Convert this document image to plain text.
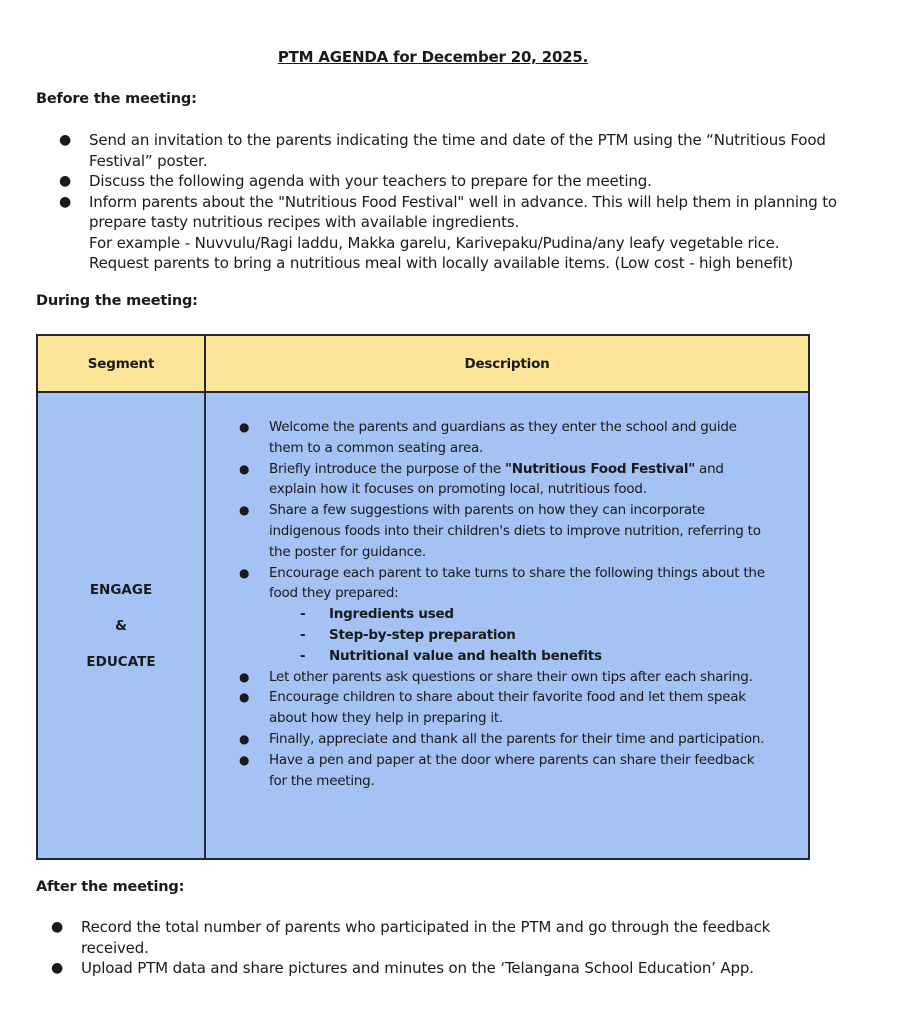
PTM AGENDA for December 20, 2025.
Before the meeting:
● Send an invitation to the parents indicating the time and date of the PTM using the “Nutritious Food Festival” poster.
● Discuss the following agenda with your teachers to prepare for the meeting.
● Inform parents about the "Nutritious Food Festival" well in advance. This will help them in planning to prepare tasty nutritious recipes with available ingredients.
For example - Nuvvulu/Ragi laddu, Makka garelu, Karivepaku/Pudina/any leafy vegetable rice.
Request parents to bring a nutritious meal with locally available items. (Low cost - high benefit)
During the meeting:
Segment	Description

ENGAGE
&
EDUCATE

● Welcome the parents and guardians as they enter the school and guide them to a common seating area.
● Briefly introduce the purpose of the "Nutritious Food Festival" and explain how it focuses on promoting local, nutritious food.
● Share a few suggestions with parents on how they can incorporate indigenous foods into their children's diets to improve nutrition, referring to the poster for guidance.
● Encourage each parent to take turns to share the following things about the food they prepared:
- Ingredients used
- Step-by-step preparation
- Nutritional value and health benefits
● Let other parents ask questions or share their own tips after each sharing.
● Encourage children to share about their favorite food and let them speak about how they help in preparing it.
● Finally, appreciate and thank all the parents for their time and participation.
● Have a pen and paper at the door where parents can share their feedback for the meeting.
After the meeting:
● Record the total number of parents who participated in the PTM and go through the feedback received.
● Upload PTM data and share pictures and minutes on the ‘Telangana School Education’ App.
